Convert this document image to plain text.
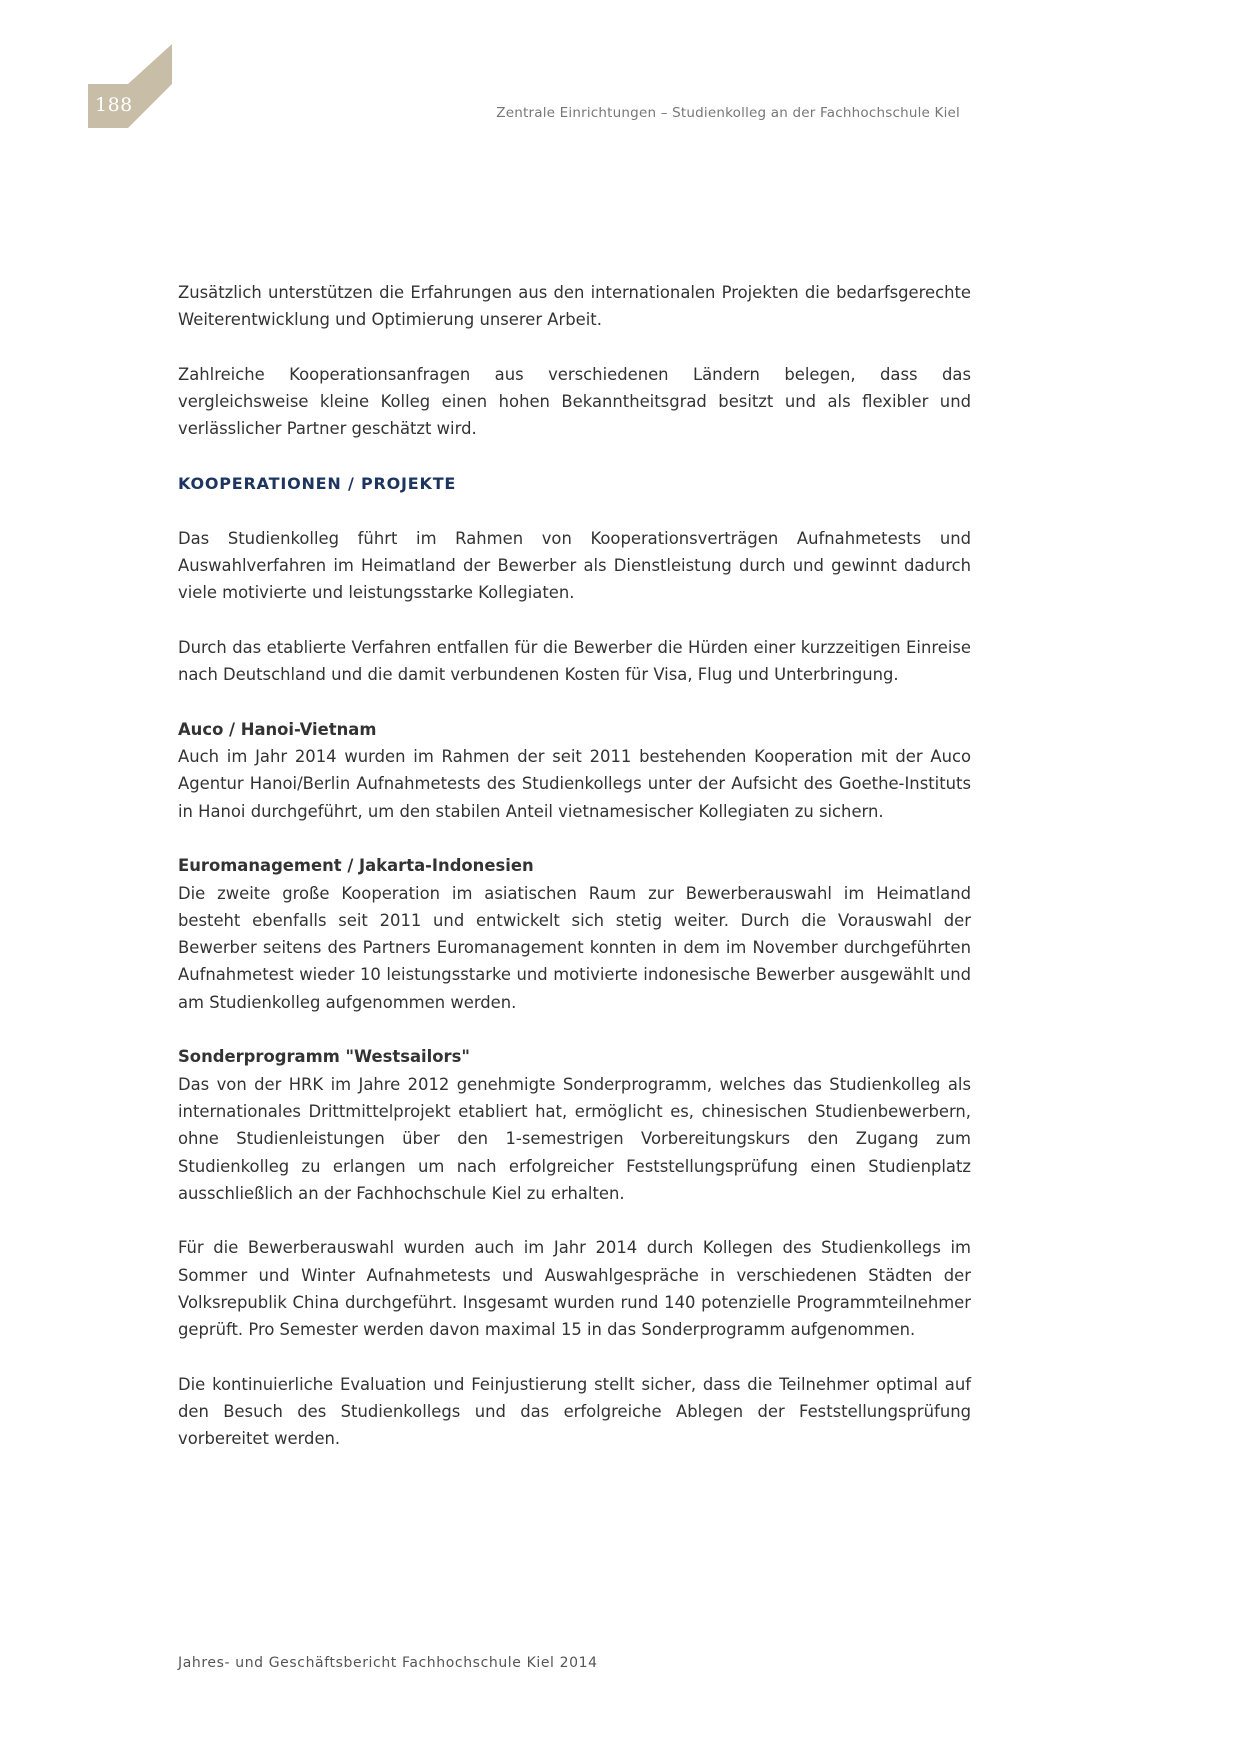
188	Zentrale Einrichtungen – Studienkolleg an der Fachhochschule Kiel

Zusätzlich unterstützen die Erfahrungen aus den internationalen Projekten die bedarfsgerechte Weiterentwicklung und Optimierung unserer Arbeit.

Zahlreiche Kooperationsanfragen aus verschiedenen Ländern belegen, dass das vergleichsweise kleine Kolleg einen hohen Bekanntheitsgrad besitzt und als flexibler und verlässlicher Partner geschätzt wird.

KOOPERATIONEN / PROJEKTE

Das Studienkolleg führt im Rahmen von Kooperationsverträgen Aufnahmetests und Auswahlverfahren im Heimatland der Bewerber als Dienstleistung durch und gewinnt dadurch viele motivierte und leistungsstarke Kollegiaten.

Durch das etablierte Verfahren entfallen für die Bewerber die Hürden einer kurzzeitigen Einreise nach Deutschland und die damit verbundenen Kosten für Visa, Flug und Unterbringung.

Auco / Hanoi-Vietnam
Auch im Jahr 2014 wurden im Rahmen der seit 2011 bestehenden Kooperation mit der Auco Agentur Hanoi/Berlin Aufnahmetests des Studienkollegs unter der Aufsicht des Goethe-Instituts in Hanoi durchgeführt, um den stabilen Anteil vietnamesischer Kollegiaten zu sichern.

Euromanagement / Jakarta-Indonesien
Die zweite große Kooperation im asiatischen Raum zur Bewerberauswahl im Heimatland besteht ebenfalls seit 2011 und entwickelt sich stetig weiter. Durch die Vorauswahl der Bewerber seitens des Partners Euromanagement konnten in dem im November durchgeführten Aufnahmetest wieder 10 leistungsstarke und motivierte indonesische Bewerber ausgewählt und am Studienkolleg aufgenommen werden.

Sonderprogramm "Westsailors"
Das von der HRK im Jahre 2012 genehmigte Sonderprogramm, welches das Studienkolleg als internationales Drittmittelprojekt etabliert hat, ermöglicht es, chinesischen Studienbewerbern, ohne Studienleistungen über den 1-semestrigen Vorbereitungskurs den Zugang zum Studienkolleg zu erlangen um nach erfolgreicher Feststellungsprüfung einen Studienplatz ausschließlich an der Fachhochschule Kiel zu erhalten.

Für die Bewerberauswahl wurden auch im Jahr 2014 durch Kollegen des Studienkollegs im Sommer und Winter Aufnahmetests und Auswahlgespräche in verschiedenen Städten der Volksrepublik China durchgeführt. Insgesamt wurden rund 140 potenzielle Programmteilnehmer geprüft. Pro Semester werden davon maximal 15 in das Sonderprogramm aufgenommen.

Die kontinuierliche Evaluation und Feinjustierung stellt sicher, dass die Teilnehmer optimal auf den Besuch des Studienkollegs und das erfolgreiche Ablegen der Feststellungsprüfung vorbereitet werden.

Jahres- und Geschäftsbericht Fachhochschule Kiel 2014
